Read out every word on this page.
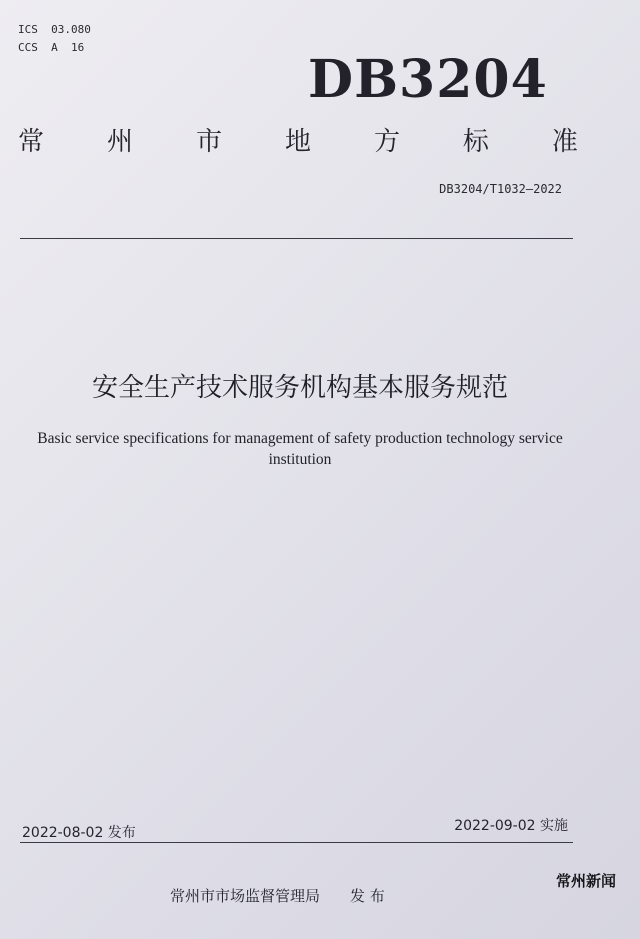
ICS  03.080
CCS  A  16
DB3204
常 州 市 地 方 标 准
DB3204/T1032—2022
安全生产技术服务机构基本服务规范
Basic service specifications for management of safety production technology service
institution
2022-08-02 发布	2022-09-02 实施
常州市市场监督管理局 发 布
常州新闻
